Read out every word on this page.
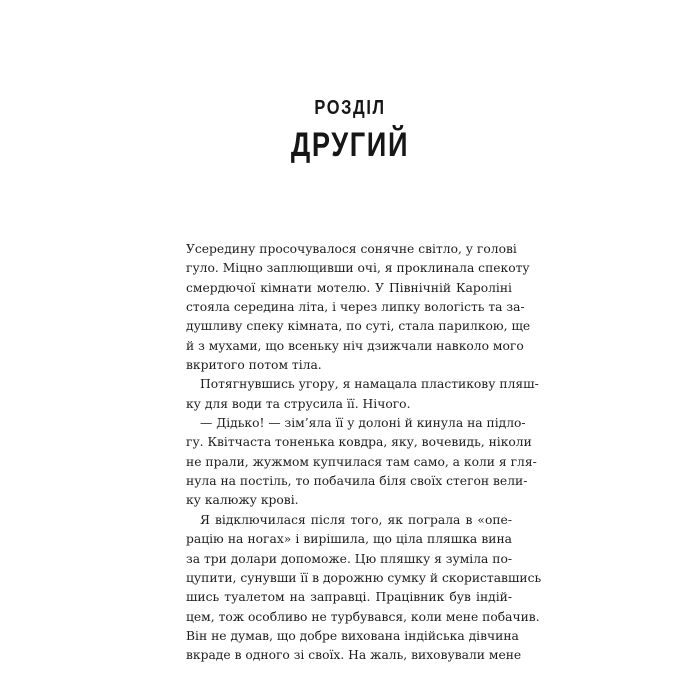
РОЗДІЛ
ДРУГИЙ
Усередину просочувалося сонячне світло, у голові
гуло. Міцно заплющивши очі, я проклинала спекоту
смердючої кімнати мотелю. У Північній Кароліні
стояла середина літа, і через липку вологість та за-
душливу спеку кімната, по суті, стала парилкою, ще
й з мухами, що всеньку ніч дзижчали навколо мого
вкритого потом тіла.
Потягнувшись угору, я намацала пластикову пляш-
ку для води та струсила її. Нічого.
— Дідько! — зім’яла її у долоні й кинула на підло-
гу. Квітчаста тоненька ковдра, яку, вочевидь, ніколи
не прали, жужмом купчилася там само, а коли я гля-
нула на постіль, то побачила біля своїх стегон вели-
ку калюжу крові.
Я відключилася після того, як пограла в «опе-
рацію на ногах» і вирішила, що ціла пляшка вина
за три долари допоможе. Цю пляшку я зуміла по-
цупити, сунувши її в дорожню сумку й скориставшись
шись туалетом на заправці. Працівник був індій-
цем, тож особливо не турбувався, коли мене побачив.
Він не думав, що добре вихована індійська дівчина
вкраде в одного зі своїх. На жаль, виховували мене
